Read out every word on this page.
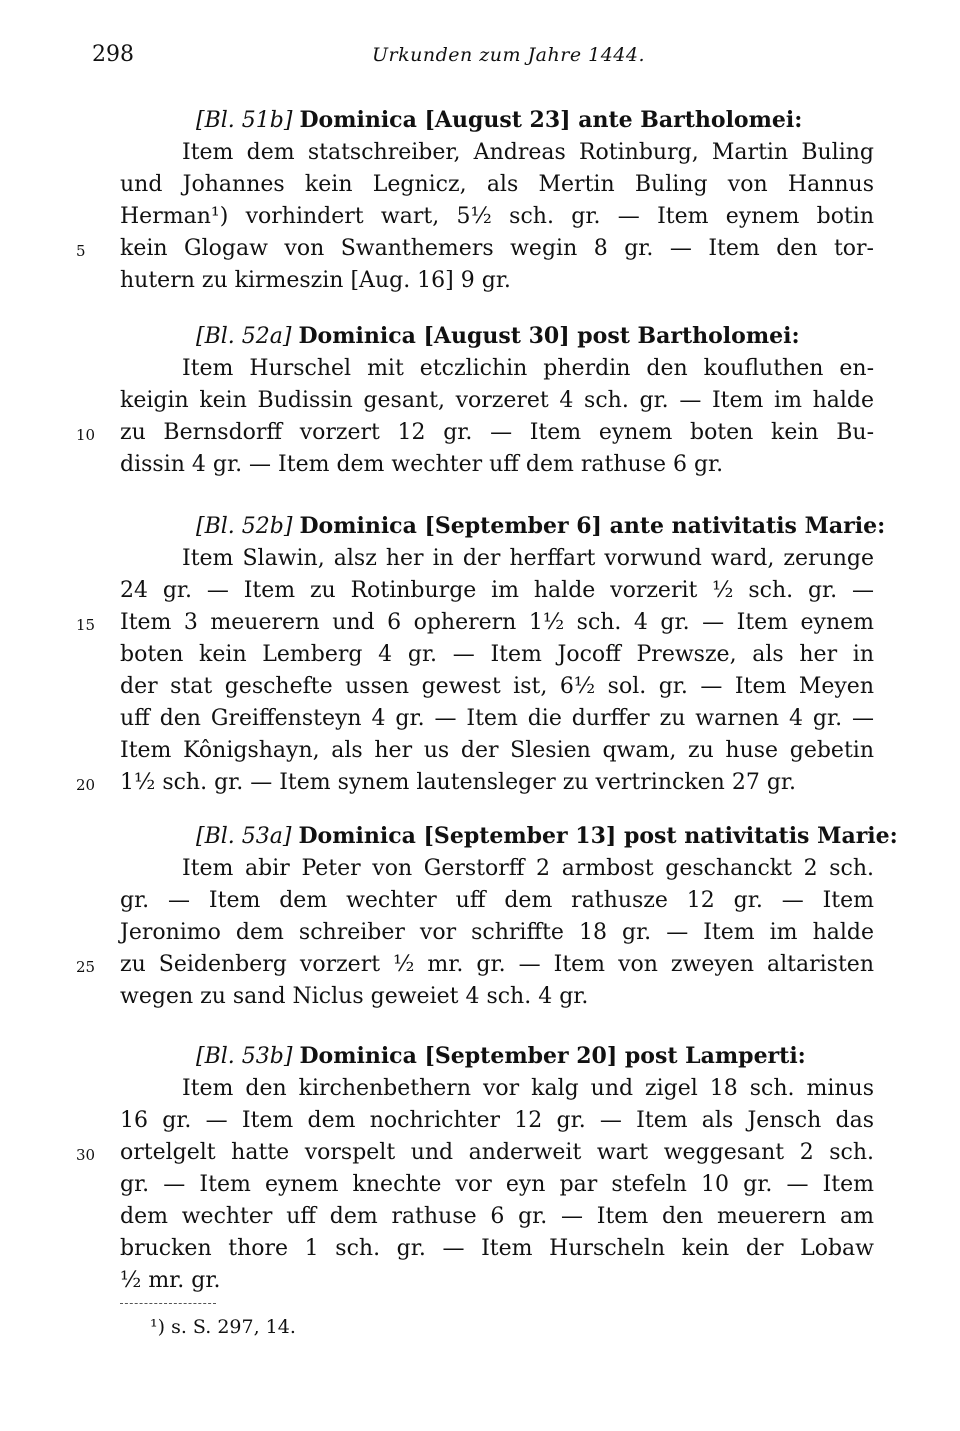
298	Urkunden zum Jahre 1444.
[Bl. 51b] Dominica [August 23] ante Bartholomei:
Item dem statschreiber, Andreas Rotinburg, Martin Buling
und Johannes kein Legnicz, als Mertin Buling von Hannus
Herman¹) vorhindert wart, 5½ sch. gr. — Item eynem botin
5	kein Glogaw von Swanthemers wegin 8 gr. — Item den tor-
hutern zu kirmeszin [Aug. 16] 9 gr.
[Bl. 52a] Dominica [August 30] post Bartholomei:
Item Hurschel mit etczlichin pherdin den koufluthen en-
keigin kein Budissin gesant, vorzeret 4 sch. gr. — Item im halde
10	zu Bernsdorff vorzert 12 gr. — Item eynem boten kein Bu-
dissin 4 gr. — Item dem wechter uff dem rathuse 6 gr.
[Bl. 52b] Dominica [September 6] ante nativitatis Marie:
Item Slawin, alsz her in der herffart vorwund ward, zerunge
24 gr. — Item zu Rotinburge im halde vorzerit ½ sch. gr. —
15	Item 3 meuerern und 6 opherern 1½ sch. 4 gr. — Item eynem
boten kein Lemberg 4 gr. — Item Jocoff Prewsze, als her in
der stat geschefte ussen gewest ist, 6½ sol. gr. — Item Meyen
uff den Greiffensteyn 4 gr. — Item die durffer zu warnen 4 gr. —
Item Kônigshayn, als her us der Slesien qwam, zu huse gebetin
20	1½ sch. gr. — Item synem lautensleger zu vertrincken 27 gr.
[Bl. 53a] Dominica [September 13] post nativitatis Marie:
Item abir Peter von Gerstorff 2 armbost geschanckt 2 sch.
gr. — Item dem wechter uff dem rathusze 12 gr. — Item
Jeronimo dem schreiber vor schriffte 18 gr. — Item im halde
25	zu Seidenberg vorzert ½ mr. gr. — Item von zweyen altaristen
wegen zu sand Niclus geweiet 4 sch. 4 gr.
[Bl. 53b] Dominica [September 20] post Lamperti:
Item den kirchenbethern vor kalg und zigel 18 sch. minus
16 gr. — Item dem nochrichter 12 gr. — Item als Jensch das
30	ortelgelt hatte vorspelt und anderweit wart weggesant 2 sch.
gr. — Item eynem knechte vor eyn par stefeln 10 gr. — Item
dem wechter uff dem rathuse 6 gr. — Item den meuerern am
brucken thore 1 sch. gr. — Item Hurscheln kein der Lobaw
½ mr. gr.
¹) s. S. 297, 14.
